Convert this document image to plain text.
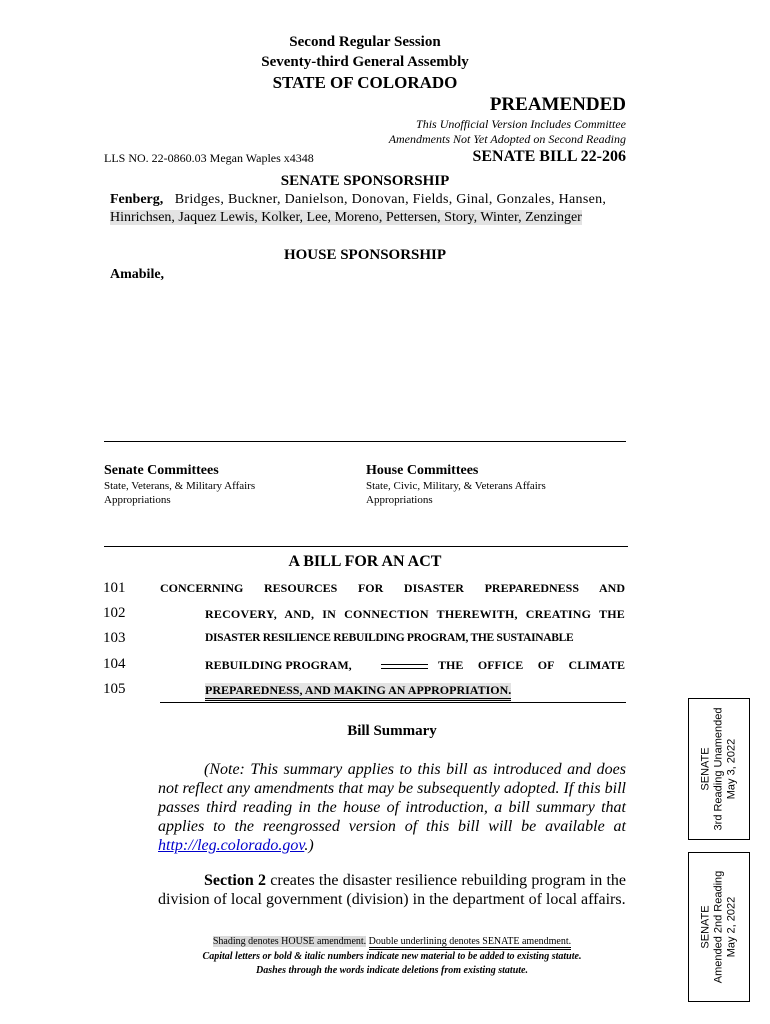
Second Regular Session
Seventy-third General Assembly
STATE OF COLORADO
PREAMENDED
This Unofficial Version Includes Committee
Amendments Not Yet Adopted on Second Reading
LLS NO. 22-0860.03 Megan Waples x4348	SENATE BILL 22-206
SENATE SPONSORSHIP
Fenberg, Bridges, Buckner, Danielson, Donovan, Fields, Ginal, Gonzales, Hansen,
Hinrichsen, Jaquez Lewis, Kolker, Lee, Moreno, Pettersen, Story, Winter, Zenzinger
HOUSE SPONSORSHIP
Amabile,
Senate Committees
State, Veterans, & Military Affairs
Appropriations
House Committees
State, Civic, Military, & Veterans Affairs
Appropriations
A BILL FOR AN ACT
101	CONCERNING RESOURCES FOR DISASTER PREPAREDNESS AND
102	RECOVERY, AND, IN CONNECTION THEREWITH, CREATING THE
103	DISASTER RESILIENCE REBUILDING PROGRAM, THE SUSTAINABLE
104	REBUILDING PROGRAM,	THE OFFICE OF CLIMATE
105	PREPAREDNESS, AND MAKING AN APPROPRIATION.
Bill Summary
(Note: This summary applies to this bill as introduced and does not reflect any amendments that may be subsequently adopted. If this bill passes third reading in the house of introduction, a bill summary that applies to the reengrossed version of this bill will be available at http://leg.colorado.gov.)
Section 2 creates the disaster resilience rebuilding program in the division of local government (division) in the department of local affairs.
Shading denotes HOUSE amendment. Double underlining denotes SENATE amendment.
Capital letters or bold & italic numbers indicate new material to be added to existing statute.
Dashes through the words indicate deletions from existing statute.
SENATE 3rd Reading Unamended May 3, 2022
SENATE Amended 2nd Reading May 2, 2022
